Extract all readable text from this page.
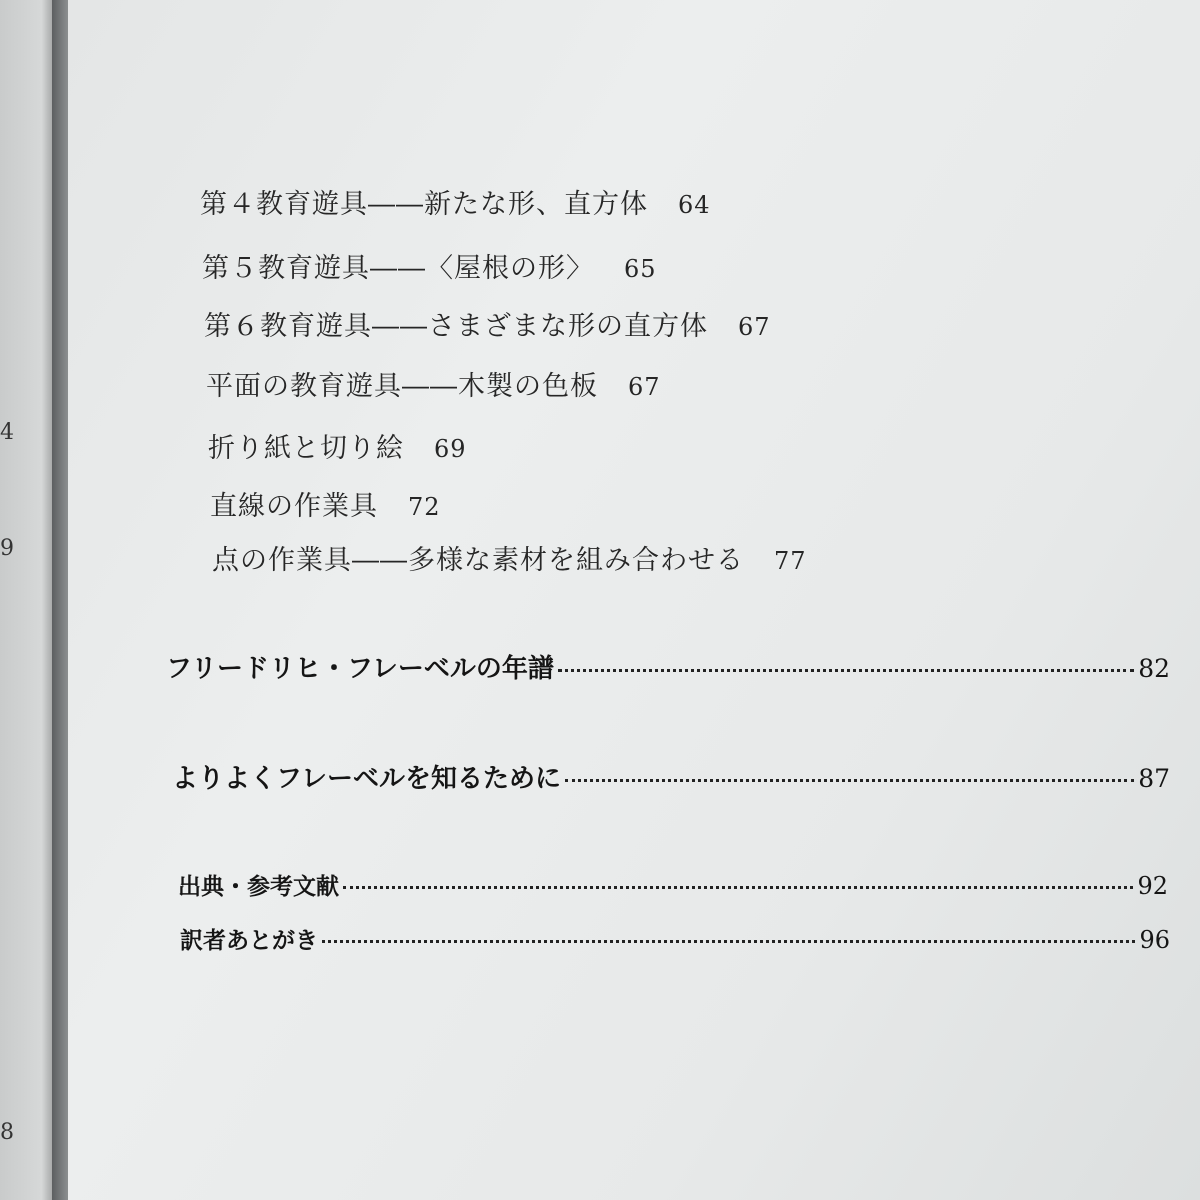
4
9
8
第４教育遊具――新たな形、直方体 64
第５教育遊具――〈屋根の形〉 65
第６教育遊具――さまざまな形の直方体 67
平面の教育遊具――木製の色板 67
折り紙と切り絵 69
直線の作業具 72
点の作業具――多様な素材を組み合わせる 77
フリードリヒ・フレーベルの年譜	82
よりよくフレーベルを知るために	87
出典・参考文献	92
訳者あとがき	96
